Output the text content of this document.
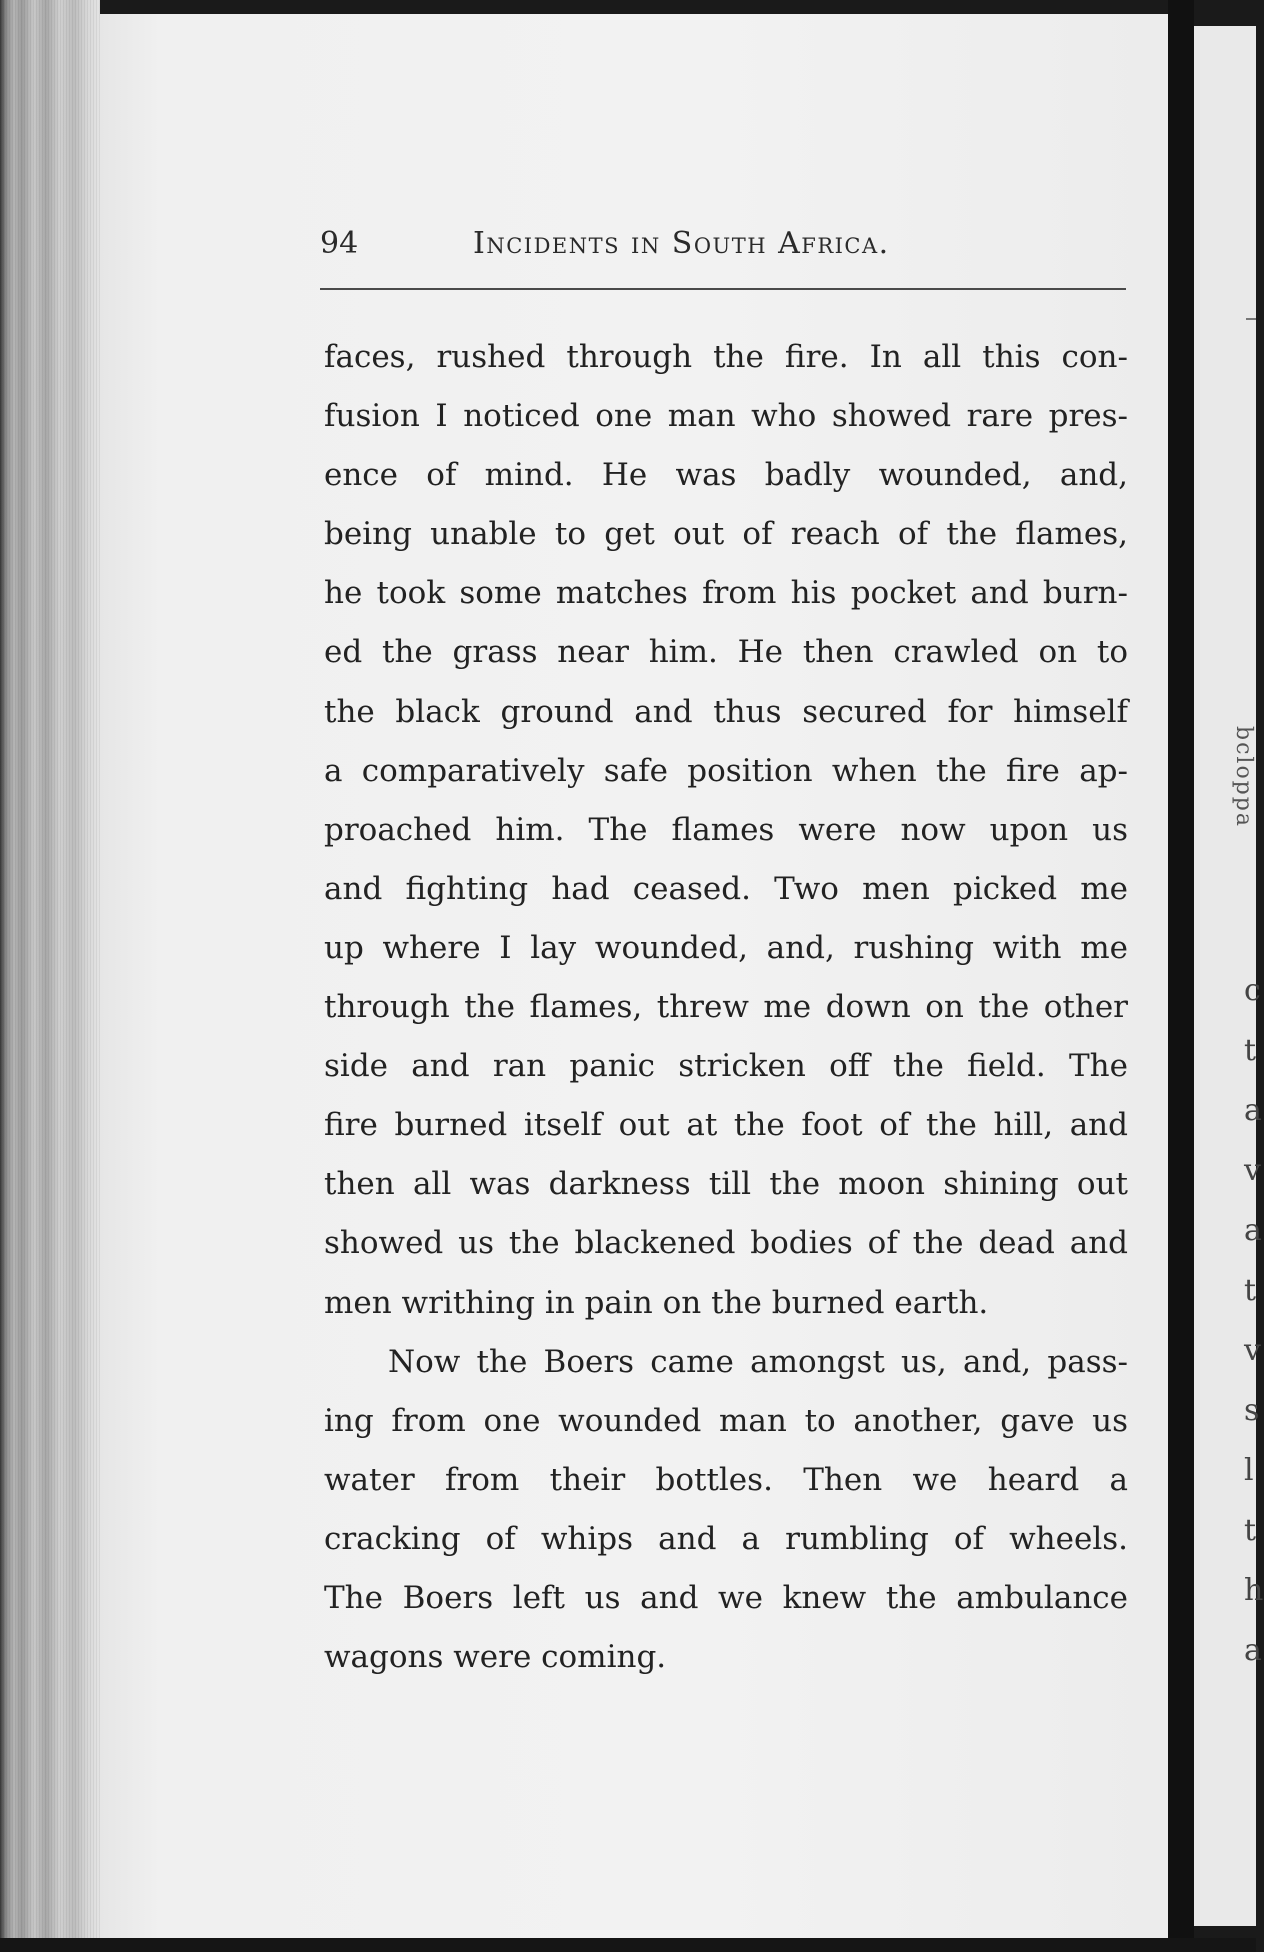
bcloppa
c
t
a
v
a
t
v
s
l
t
h
a
94	Incidents in South Africa.
faces, rushed through the fire. In all this con-
fusion I noticed one man who showed rare pres-
ence of mind. He was badly wounded, and,
being unable to get out of reach of the flames,
he took some matches from his pocket and burn-
ed the grass near him. He then crawled on to
the black ground and thus secured for himself
a comparatively safe position when the fire ap-
proached him. The flames were now upon us
and fighting had ceased. Two men picked me
up where I lay wounded, and, rushing with me
through the flames, threw me down on the other
side and ran panic stricken off the field. The
fire burned itself out at the foot of the hill, and
then all was darkness till the moon shining out
showed us the blackened bodies of the dead and
men writhing in pain on the burned earth.
Now the Boers came amongst us, and, pass-
ing from one wounded man to another, gave us
water from their bottles. Then we heard a
cracking of whips and a rumbling of wheels.
The Boers left us and we knew the ambulance
wagons were coming.
